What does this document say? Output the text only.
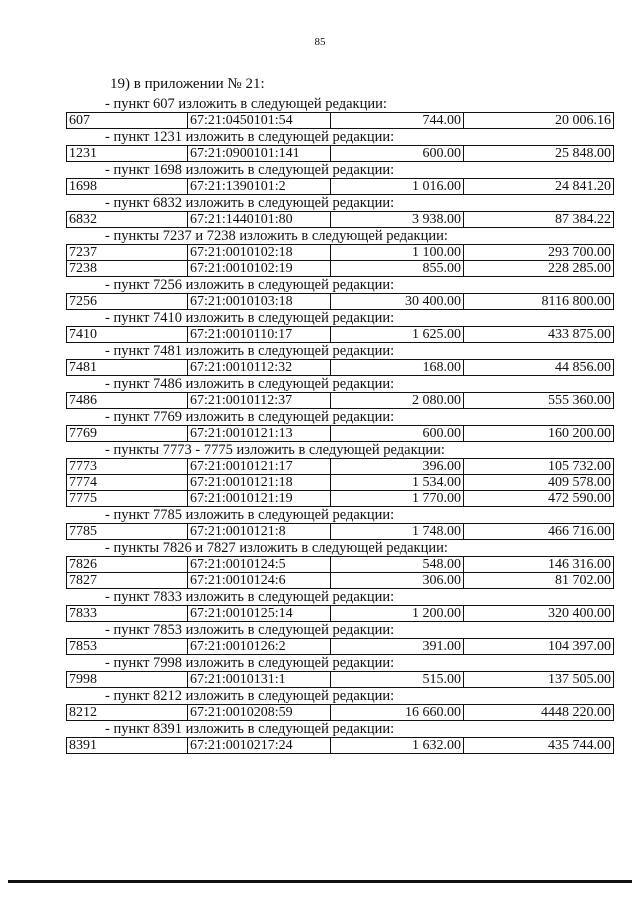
85
19) в приложении № 21:
- пункт 607 изложить в следующей редакции:
607	67:21:0450101:54	744.00	20 006.16
- пункт 1231 изложить в следующей редакции:
1231	67:21:0900101:141	600.00	25 848.00
- пункт 1698 изложить в следующей редакции:
1698	67:21:1390101:2	1 016.00	24 841.20
- пункт 6832 изложить в следующей редакции:
6832	67:21:1440101:80	3 938.00	87 384.22
- пункты 7237 и 7238 изложить в следующей редакции:
7237	67:21:0010102:18	1 100.00	293 700.00
7238	67:21:0010102:19	855.00	228 285.00
- пункт 7256 изложить в следующей редакции:
7256	67:21:0010103:18	30 400.00	8116 800.00
- пункт 7410 изложить в следующей редакции:
7410	67:21:0010110:17	1 625.00	433 875.00
- пункт 7481 изложить в следующей редакции:
7481	67:21:0010112:32	168.00	44 856.00
- пункт 7486 изложить в следующей редакции:
7486	67:21:0010112:37	2 080.00	555 360.00
- пункт 7769 изложить в следующей редакции:
7769	67:21:0010121:13	600.00	160 200.00
- пункты 7773 - 7775 изложить в следующей редакции:
7773	67:21:0010121:17	396.00	105 732.00
7774	67:21:0010121:18	1 534.00	409 578.00
7775	67:21:0010121:19	1 770.00	472 590.00
- пункт 7785 изложить в следующей редакции:
7785	67:21:0010121:8	1 748.00	466 716.00
- пункты 7826 и 7827 изложить в следующей редакции:
7826	67:21:0010124:5	548.00	146 316.00
7827	67:21:0010124:6	306.00	81 702.00
- пункт 7833 изложить в следующей редакции:
7833	67:21:0010125:14	1 200.00	320 400.00
- пункт 7853 изложить в следующей редакции:
7853	67:21:0010126:2	391.00	104 397.00
- пункт 7998 изложить в следующей редакции:
7998	67:21:0010131:1	515.00	137 505.00
- пункт 8212 изложить в следующей редакции:
8212	67:21:0010208:59	16 660.00	4448 220.00
- пункт 8391 изложить в следующей редакции:
8391	67:21:0010217:24	1 632.00	435 744.00
